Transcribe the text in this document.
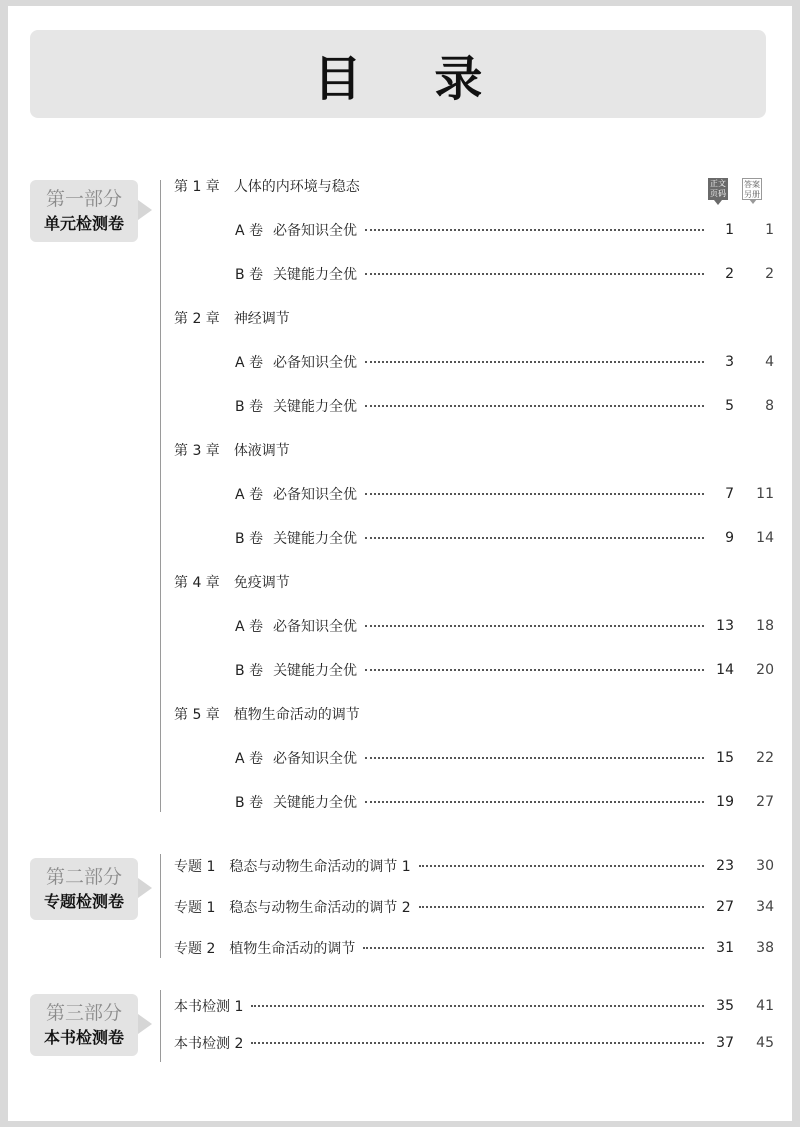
目 录
正文页码
答案另册
第一部分
单元检测卷
第 1 章 人体的内环境与稳态
A 卷 必备知识全优	1	1
B 卷 关键能力全优	2	2
第 2 章 神经调节
A 卷 必备知识全优	3	4
B 卷 关键能力全优	5	8
第 3 章 体液调节
A 卷 必备知识全优	7	11
B 卷 关键能力全优	9	14
第 4 章 免疫调节
A 卷 必备知识全优	13	18
B 卷 关键能力全优	14	20
第 5 章 植物生命活动的调节
A 卷 必备知识全优	15	22
B 卷 关键能力全优	19	27
第二部分
专题检测卷
专题 1 稳态与动物生命活动的调节 1	23	30
专题 1 稳态与动物生命活动的调节 2	27	34
专题 2 植物生命活动的调节	31	38
第三部分
本书检测卷
本书检测 1	35	41
本书检测 2	37	45
